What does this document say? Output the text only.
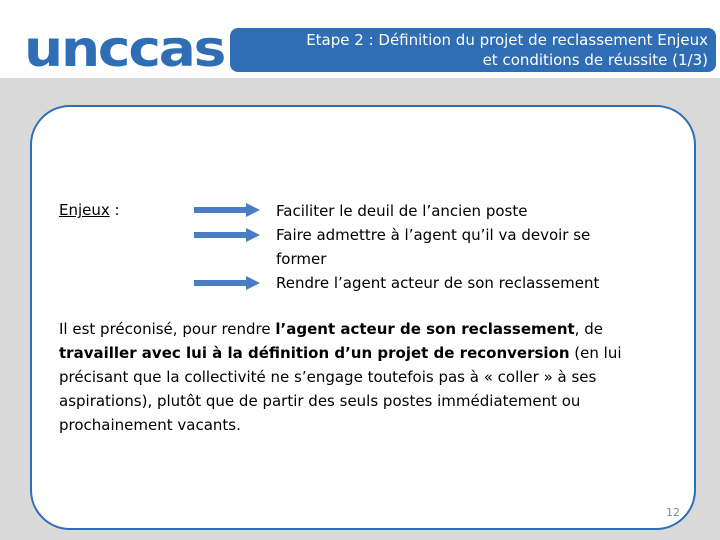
unccas	Etape 2 : Définition du projet de reclassement Enjeux
et conditions de réussite (1/3)
Enjeux :	Faciliter le deuil de l’ancien poste
Faire admettre à l’agent qu’il va devoir se
former
Rendre l’agent acteur de son reclassement
Il est préconisé, pour rendre l’agent acteur de son reclassement, de travailler avec lui à la définition d’un projet de reconversion (en lui précisant que la collectivité ne s’engage toutefois pas à « coller » à ses aspirations), plutôt que de partir des seuls postes immédiatement ou prochainement vacants.
12
